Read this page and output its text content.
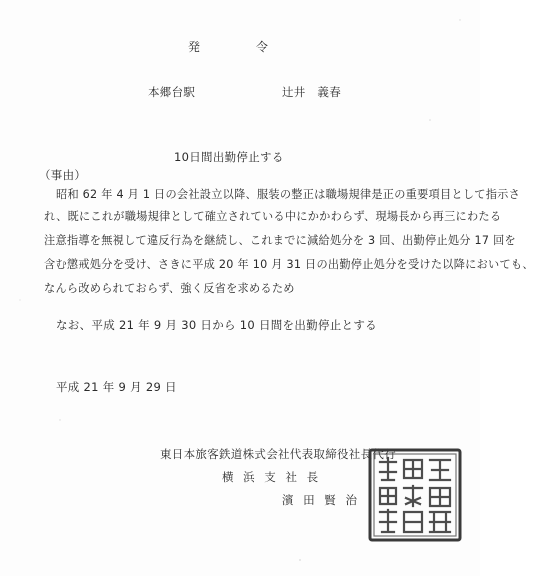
発	令
本郷台駅	辻井　義春
10日間出勤停止する
（事由）
昭和 62 年 4 月 1 日の会社設立以降、服装の整正は職場規律是正の重要項目として指示さ
れ、既にこれが職場規律として確立されている中にかかわらず、現場長から再三にわたる
注意指導を無視して違反行為を継続し、これまでに減給処分を 3 回、出勤停止処分 17 回を
含む懲戒処分を受け、さきに平成 20 年 10 月 31 日の出勤停止処分を受けた以降においても、
なんら改められておらず、強く反省を求めるため
なお、平成 21 年 9 月 30 日から 10 日間を出勤停止とする
平成 21 年 9 月 29 日
東日本旅客鉄道株式会社代表取締役社長代行
横 浜 支 社 長
濱 田 賢 治
